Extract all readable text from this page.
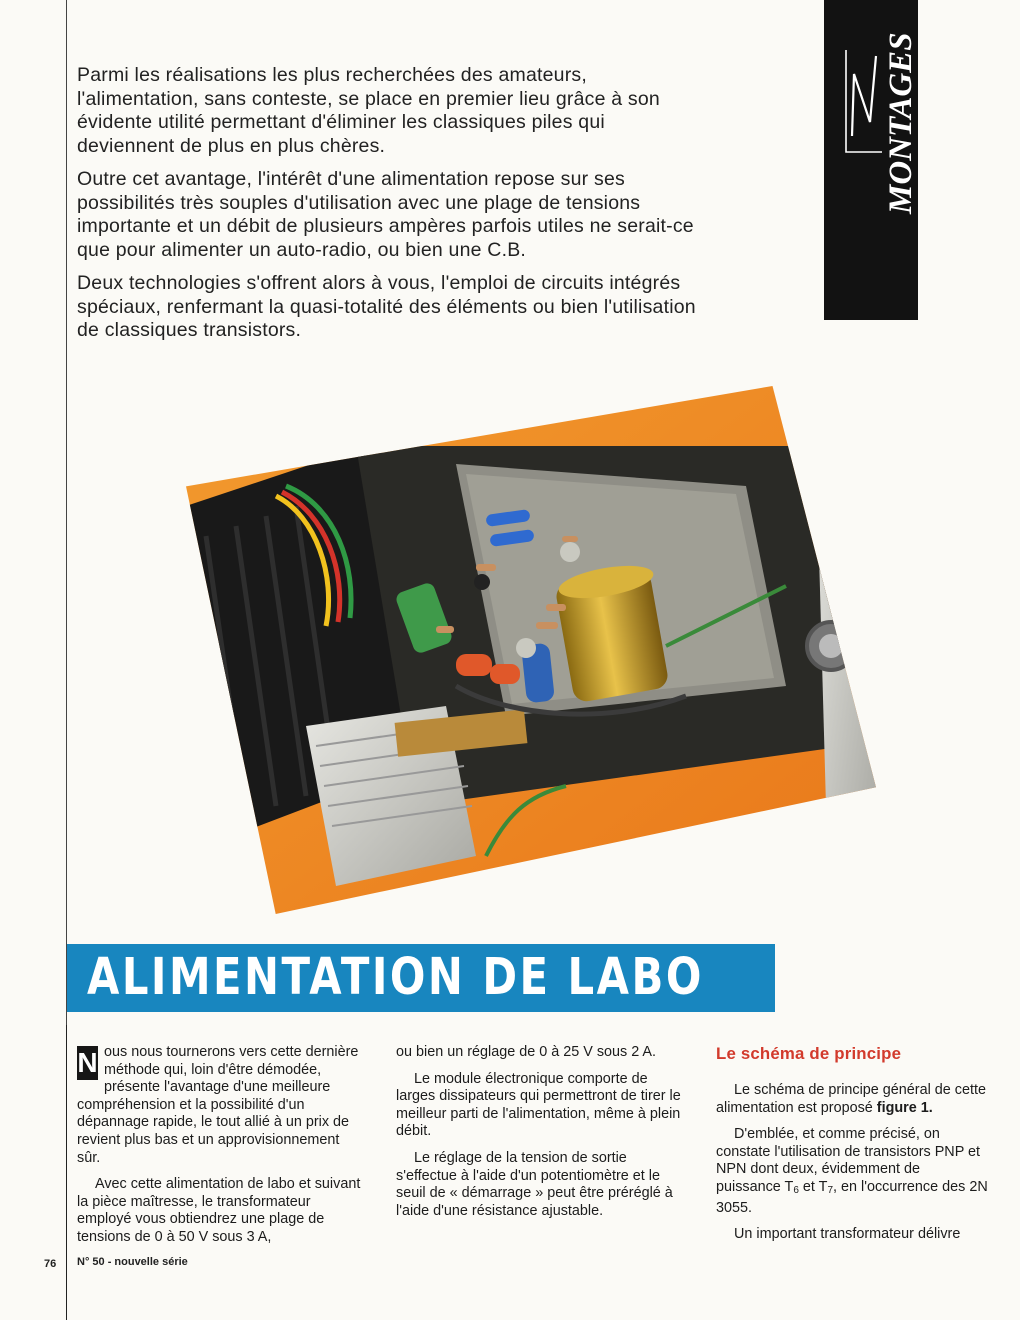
Parmi les réalisations les plus recherchées des amateurs, l'alimentation, sans conteste, se place en premier lieu grâce à son évidente utilité permettant d'éliminer les classiques piles qui deviennent de plus en plus chères.

Outre cet avantage, l'intérêt d'une alimentation repose sur ses possibilités très souples d'utilisation avec une plage de tensions importante et un débit de plusieurs ampères parfois utiles ne serait-ce que pour alimenter un auto-radio, ou bien une C.B.

Deux technologies s'offrent alors à vous, l'emploi de circuits intégrés spéciaux, renfermant la quasi-totalité des éléments ou bien l'utilisation de classiques transistors.

MONTAGES
ALIMENTATION DE LABO

N ous nous tournerons vers cette dernière méthode qui, loin d'être démodée, présente l'avantage d'une meilleure compréhension et la possibilité d'un dépannage rapide, le tout allié à un prix de revient plus bas et un approvisionnement sûr.

Avec cette alimentation de labo et suivant la pièce maîtresse, le transformateur employé vous obtiendrez une plage de tensions de 0 à 50 V sous 3 A,

ou bien un réglage de 0 à 25 V sous 2 A.

Le module électronique comporte de larges dissipateurs qui permettront de tirer le meilleur parti de l'alimentation, même à plein débit.

Le réglage de la tension de sortie s'effectue à l'aide d'un potentiomètre et le seuil de « démarrage » peut être préréglé à l'aide d'une résistance ajustable.

Le schéma de principe

Le schéma de principe général de cette alimentation est proposé figure 1.

D'emblée, et comme précisé, on constate l'utilisation de transistors PNP et NPN dont deux, évidemment de puissance $T_6$ et $T_7$, en l'occurrence des 2N 3055.

Un important transformateur délivre

76 N° 50 - nouvelle série
